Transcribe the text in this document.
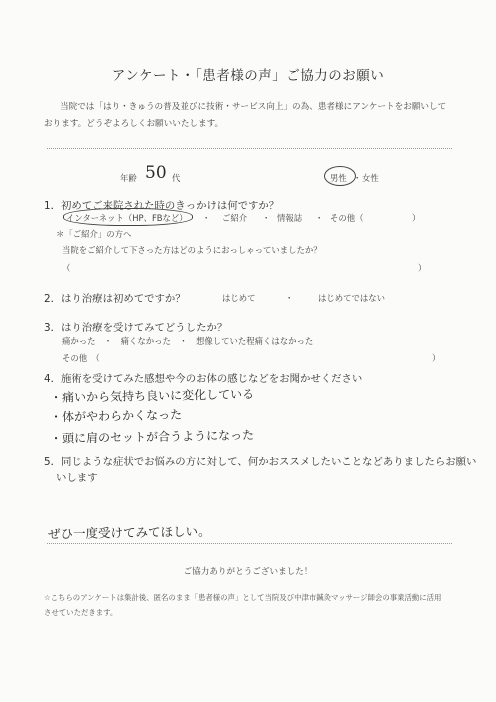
アンケート・「患者様の声」ご協力のお願い
当院では「はり・きゅうの普及並びに技術・サービス向上」の為、患者様にアンケートをお願いして
おります。どうぞよろしくお願いいたします。
年齢 50 代	男性 ・ 女性
1．初めてご来院された時のきっかけは何ですか？
インターネット（HP、FBなど） ・ ご紹介 ・ 情報誌 ・ その他（	）
＊「ご紹介」の方へ
当院をご紹介して下さった方はどのようにおっしゃっていましたか？
（	）
2．はり治療は初めてですか？	はじめて	・	はじめてではない
3．はり治療を受けてみてどうしたか？
痛かった　・　痛くなかった　・　想像していた程痛くはなかった
その他　（	）
4．施術を受けてみた感想や今のお体の感じなどをお聞かせください
・痛いから気持ち良いに変化している
・体がやわらかくなった
・頭に肩のセットが合うようになった
5．同じような症状でお悩みの方に対して、何かおススメしたいことなどありましたらお願い
いします
ぜひ一度受けてみてほしい。
ご協力ありがとうございました！
☆こちらのアンケートは集計後、匿名のまま「患者様の声」として当院及び中津市鍼灸マッサージ師会の事業活動に活用
させていただきます。
